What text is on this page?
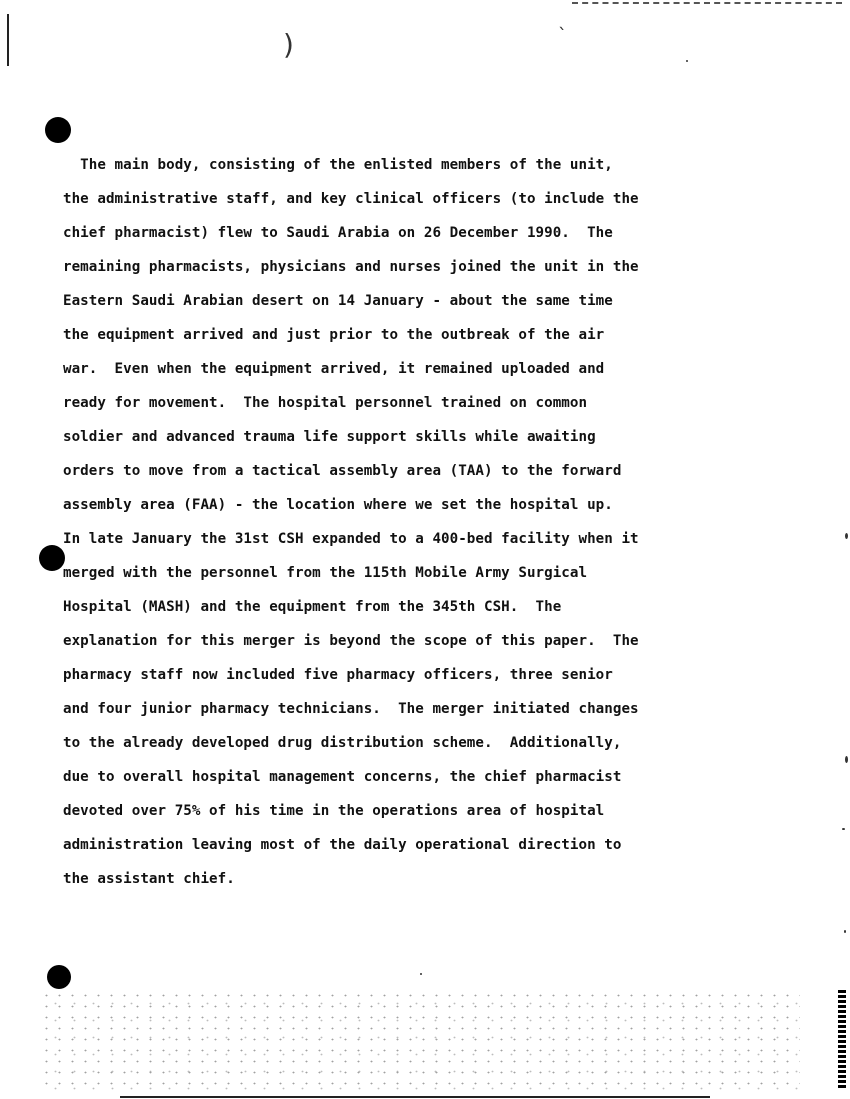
)	`
The main body, consisting of the enlisted members of the unit,
the administrative staff, and key clinical officers (to include the
chief pharmacist) flew to Saudi Arabia on 26 December 1990.  The
remaining pharmacists, physicians and nurses joined the unit in the
Eastern Saudi Arabian desert on 14 January - about the same time
the equipment arrived and just prior to the outbreak of the air
war.  Even when the equipment arrived, it remained uploaded and
ready for movement.  The hospital personnel trained on common
soldier and advanced trauma life support skills while awaiting
orders to move from a tactical assembly area (TAA) to the forward
assembly area (FAA) - the location where we set the hospital up.
In late January the 31st CSH expanded to a 400-bed facility when it
merged with the personnel from the 115th Mobile Army Surgical
Hospital (MASH) and the equipment from the 345th CSH.  The
explanation for this merger is beyond the scope of this paper.  The
pharmacy staff now included five pharmacy officers, three senior
and four junior pharmacy technicians.  The merger initiated changes
to the already developed drug distribution scheme.  Additionally,
due to overall hospital management concerns, the chief pharmacist
devoted over 75% of his time in the operations area of hospital
administration leaving most of the daily operational direction to
the assistant chief.
